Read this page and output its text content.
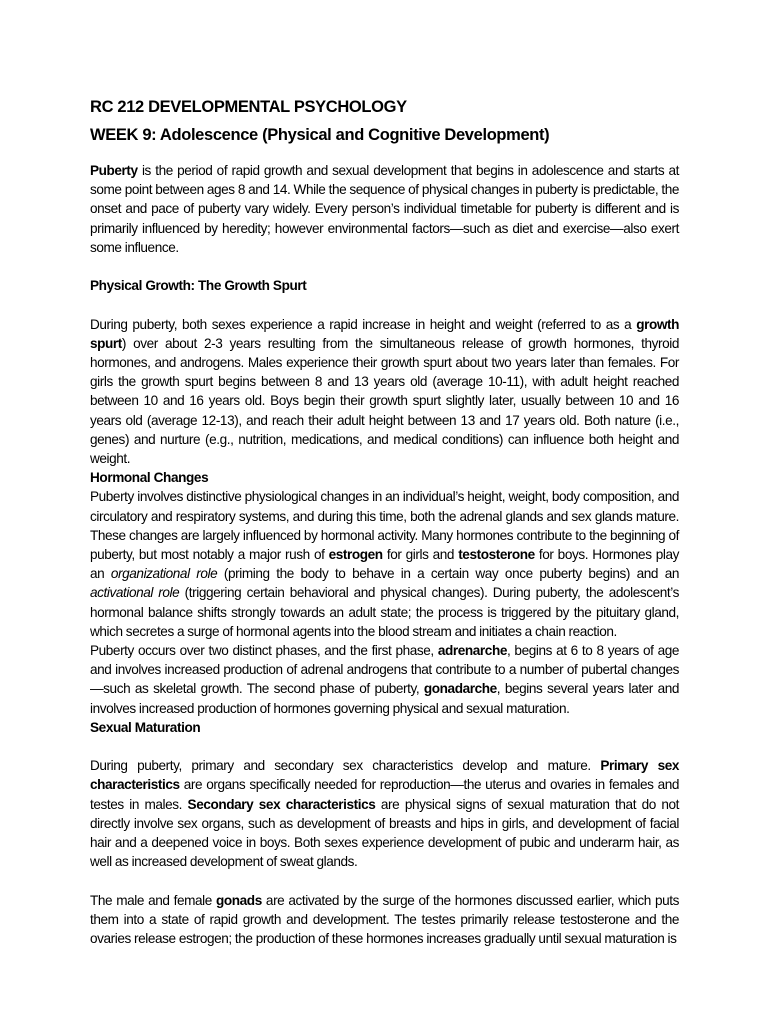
RC 212 DEVELOPMENTAL PSYCHOLOGY
WEEK 9: Adolescence (Physical and Cognitive Development)

Puberty is the period of rapid growth and sexual development that begins in adolescence and starts at some point between ages 8 and 14. While the sequence of physical changes in puberty is predictable, the onset and pace of puberty vary widely. Every person’s individual timetable for puberty is different and is primarily influenced by heredity; however environmental factors—such as diet and exercise—also exert some influence.

Physical Growth: The Growth Spurt

During puberty, both sexes experience a rapid increase in height and weight (referred to as a growth spurt) over about 2-3 years resulting from the simultaneous release of growth hormones, thyroid hormones, and androgens. Males experience their growth spurt about two years later than females. For girls the growth spurt begins between 8 and 13 years old (average 10-11), with adult height reached between 10 and 16 years old. Boys begin their growth spurt slightly later, usually between 10 and 16 years old (average 12-13), and reach their adult height between 13 and 17 years old. Both nature (i.e., genes) and nurture (e.g., nutrition, medications, and medical conditions) can influence both height and weight.

Hormonal Changes

Puberty involves distinctive physiological changes in an individual’s height, weight, body composition, and circulatory and respiratory systems, and during this time, both the adrenal glands and sex glands mature. These changes are largely influenced by hormonal activity. Many hormones contribute to the beginning of puberty, but most notably a major rush of estrogen for girls and testosterone for boys. Hormones play an organizational role (priming the body to behave in a certain way once puberty begins) and an activational role (triggering certain behavioral and physical changes). During puberty, the adolescent’s hormonal balance shifts strongly towards an adult state; the process is triggered by the pituitary gland, which secretes a surge of hormonal agents into the blood stream and initiates a chain reaction.

Puberty occurs over two distinct phases, and the first phase, adrenarche, begins at 6 to 8 years of age and involves increased production of adrenal androgens that contribute to a number of pubertal changes—such as skeletal growth. The second phase of puberty, gonadarche, begins several years later and involves increased production of hormones governing physical and sexual maturation.

Sexual Maturation

During puberty, primary and secondary sex characteristics develop and mature. Primary sex characteristics are organs specifically needed for reproduction—the uterus and ovaries in females and testes in males. Secondary sex characteristics are physical signs of sexual maturation that do not directly involve sex organs, such as development of breasts and hips in girls, and development of facial hair and a deepened voice in boys. Both sexes experience development of pubic and underarm hair, as well as increased development of sweat glands.

The male and female gonads are activated by the surge of the hormones discussed earlier, which puts them into a state of rapid growth and development. The testes primarily release testosterone and the ovaries release estrogen; the production of these hormones increases gradually until sexual maturation is
